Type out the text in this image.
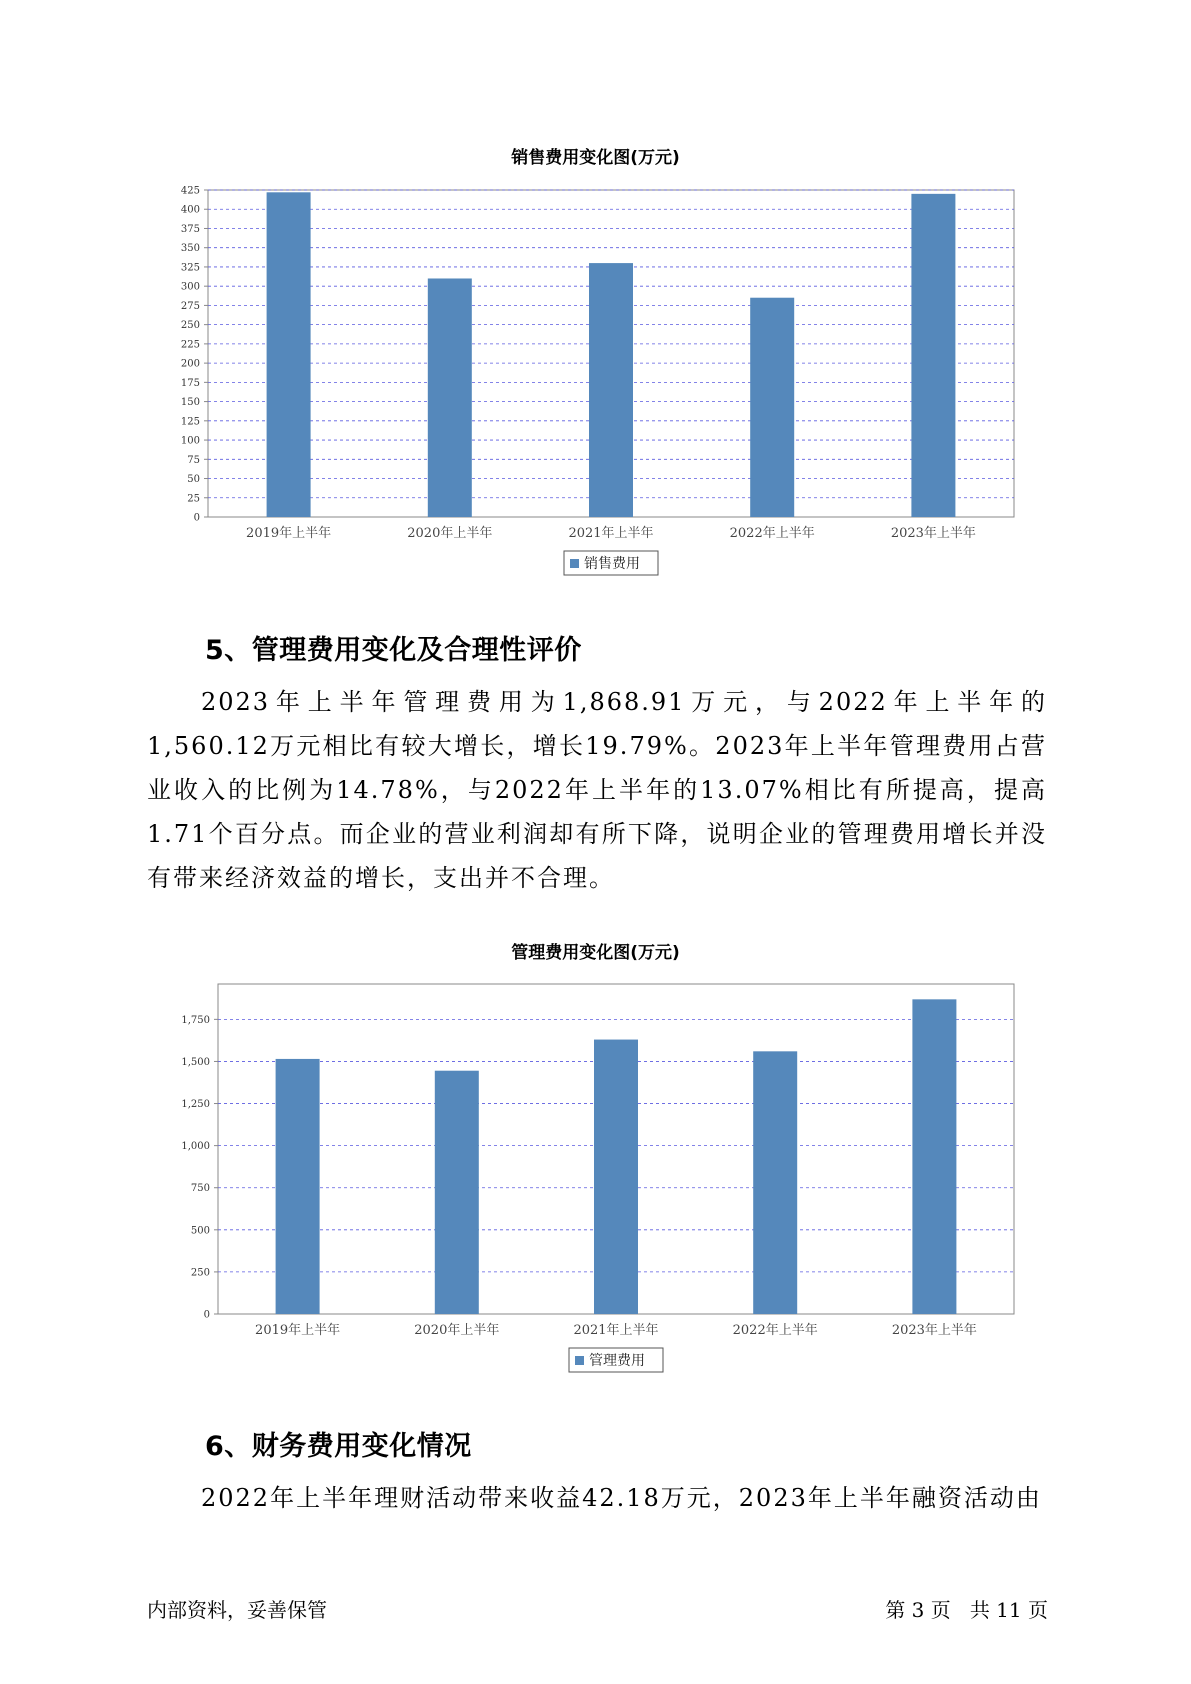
销售费用变化图(万元)
0
25
50
75
100
125
150
175
200
225
250
275
300
325
350
375
400
425
2019年上半年	2020年上半年	2021年上半年	2022年上半年	2023年上半年
销售费用
5、管理费用变化及合理性评价
2023年上半年管理费用为1,868.91万元，与2022年上半年的1,560.12万元相比有较大增长，增长19.79%。2023年上半年管理费用占营业收入的比例为14.78%，与2022年上半年的13.07%相比有所提高，提高1.71个百分点。而企业的营业利润却有所下降，说明企业的管理费用增长并没有带来经济效益的增长，支出并不合理。
管理费用变化图(万元)
0
250
500
750
1,000
1,250
1,500
1,750
2019年上半年	2020年上半年	2021年上半年	2022年上半年	2023年上半年
管理费用
6、财务费用变化情况
2022年上半年理财活动带来收益42.18万元，2023年上半年融资活动由
内部资料，妥善保管	第 3 页   共 11 页
